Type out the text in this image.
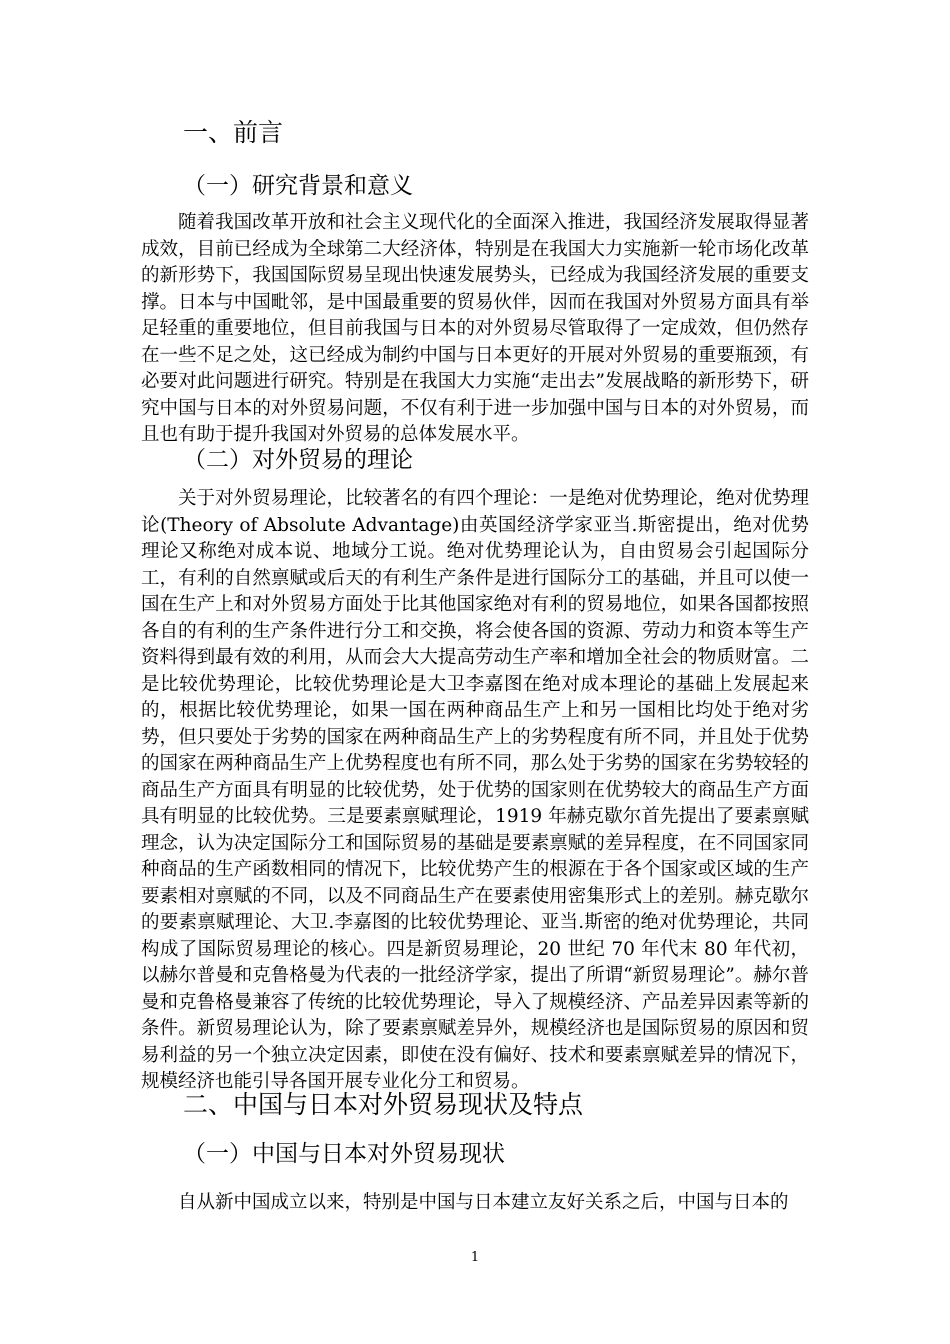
一、前言
（一）研究背景和意义

随着我国改革开放和社会主义现代化的全面深入推进，我国经济发展取得显著成效，目前已经成为全球第二大经济体，特别是在我国大力实施新一轮市场化改革的新形势下，我国国际贸易呈现出快速发展势头，已经成为我国经济发展的重要支撑。日本与中国毗邻，是中国最重要的贸易伙伴，因而在我国对外贸易方面具有举足轻重的重要地位，但目前我国与日本的对外贸易尽管取得了一定成效，但仍然存在一些不足之处，这已经成为制约中国与日本更好的开展对外贸易的重要瓶颈，有必要对此问题进行研究。特别是在我国大力实施“走出去”发展战略的新形势下，研究中国与日本的对外贸易问题，不仅有利于进一步加强中国与日本的对外贸易，而且也有助于提升我国对外贸易的总体发展水平。

（二）对外贸易的理论

关于对外贸易理论，比较著名的有四个理论：一是绝对优势理论，绝对优势理论(Theory of Absolute Advantage)由英国经济学家亚当.斯密提出，绝对优势理论又称绝对成本说、地域分工说。绝对优势理论认为，自由贸易会引起国际分工，有利的自然禀赋或后天的有利生产条件是进行国际分工的基础，并且可以使一国在生产上和对外贸易方面处于比其他国家绝对有利的贸易地位，如果各国都按照各自的有利的生产条件进行分工和交换，将会使各国的资源、劳动力和资本等生产资料得到最有效的利用，从而会大大提高劳动生产率和增加全社会的物质财富。二是比较优势理论，比较优势理论是大卫李嘉图在绝对成本理论的基础上发展起来的，根据比较优势理论，如果一国在两种商品生产上和另一国相比均处于绝对劣势，但只要处于劣势的国家在两种商品生产上的劣势程度有所不同，并且处于优势的国家在两种商品生产上优势程度也有所不同，那么处于劣势的国家在劣势较轻的商品生产方面具有明显的比较优势，处于优势的国家则在优势较大的商品生产方面具有明显的比较优势。三是要素禀赋理论，1919 年赫克歇尔首先提出了要素禀赋理念，认为决定国际分工和国际贸易的基础是要素禀赋的差异程度，在不同国家同种商品的生产函数相同的情况下，比较优势产生的根源在于各个国家或区域的生产要素相对禀赋的不同，以及不同商品生产在要素使用密集形式上的差别。赫克歇尔的要素禀赋理论、大卫.李嘉图的比较优势理论、亚当.斯密的绝对优势理论，共同构成了国际贸易理论的核心。四是新贸易理论，20 世纪 70 年代末 80 年代初，以赫尔普曼和克鲁格曼为代表的一批经济学家，提出了所谓“新贸易理论”。赫尔普曼和克鲁格曼兼容了传统的比较优势理论，导入了规模经济、产品差异因素等新的条件。新贸易理论认为，除了要素禀赋差异外，规模经济也是国际贸易的原因和贸易利益的另一个独立决定因素，即使在没有偏好、技术和要素禀赋差异的情况下，规模经济也能引导各国开展专业化分工和贸易。

二、中国与日本对外贸易现状及特点
（一）中国与日本对外贸易现状

自从新中国成立以来，特别是中国与日本建立友好关系之后，中国与日本的

1
